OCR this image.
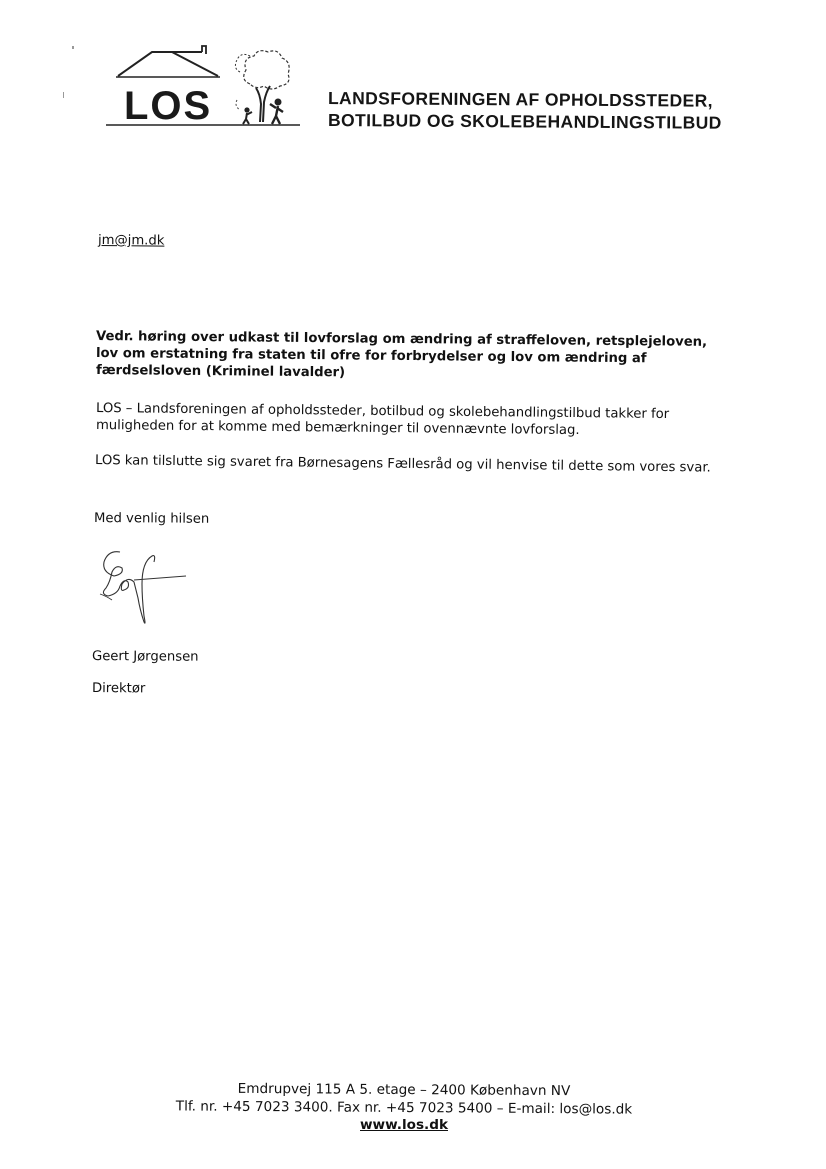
LOS	LANDSFORENINGEN AF OPHOLDSSTEDER,
BOTILBUD OG SKOLEBEHANDLINGSTILBUD
jm@jm.dk
Vedr. høring over udkast til lovforslag om ændring af straffeloven, retsplejeloven,
lov om erstatning fra staten til ofre for forbrydelser og lov om ændring af
færdselsloven (Kriminel lavalder)
LOS – Landsforeningen af opholdssteder, botilbud og skolebehandlingstilbud takker for
muligheden for at komme med bemærkninger til ovennævnte lovforslag.
LOS kan tilslutte sig svaret fra Børnesagens Fællesråd og vil henvise til dette som vores svar.
Med venlig hilsen
Geert Jørgensen
Direktør
Emdrupvej 115 A 5. etage – 2400 København NV
Tlf. nr. +45 7023 3400. Fax nr. +45 7023 5400 – E-mail: los@los.dk
www.los.dk
